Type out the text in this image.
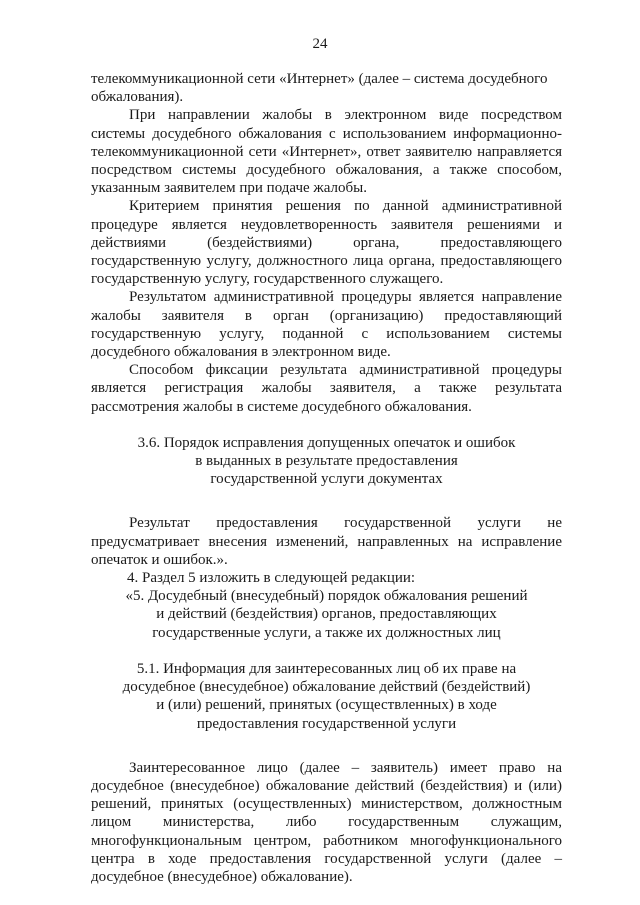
24

телекоммуникационной сети «Интернет» (далее – система досудебного обжалования).

При направлении жалобы в электронном виде посредством системы досудебного обжалования с использованием информационно-телекоммуникационной сети «Интернет», ответ заявителю направляется посредством системы досудебного обжалования, а также способом, указанным заявителем при подаче жалобы.

Критерием принятия решения по данной административной процедуре является неудовлетворенность заявителя решениями и действиями (бездействиями) органа, предоставляющего государственную услугу, должностного лица органа, предоставляющего государственную услугу, государственного служащего.

Результатом административной процедуры является направление жалобы заявителя в орган (организацию) предоставляющий государственную услугу, поданной с использованием системы досудебного обжалования в электронном виде.

Способом фиксации результата административной процедуры является регистрация жалобы заявителя, а также результата рассмотрения жалобы в системе досудебного обжалования.

3.6. Порядок исправления допущенных опечаток и ошибок
в выданных в результате предоставления
государственной услуги документах

Результат предоставления государственной услуги не предусматривает внесения изменений, направленных на исправление опечаток и ошибок.».

4. Раздел 5 изложить в следующей редакции:

«5. Досудебный (внесудебный) порядок обжалования решений
и действий (бездействия) органов, предоставляющих
государственные услуги, а также их должностных лиц
5.1. Информация для заинтересованных лиц об их праве на
досудебное (внесудебное) обжалование действий (бездействий)
и (или) решений, принятых (осуществленных) в ходе
предоставления государственной услуги

Заинтересованное лицо (далее – заявитель) имеет право на досудебное (внесудебное) обжалование действий (бездействия) и (или) решений, принятых (осуществленных) министерством, должностным лицом министерства, либо государственным служащим, многофункциональным центром, работником многофункционального центра в ходе предоставления государственной услуги (далее – досудебное (внесудебное) обжалование).
